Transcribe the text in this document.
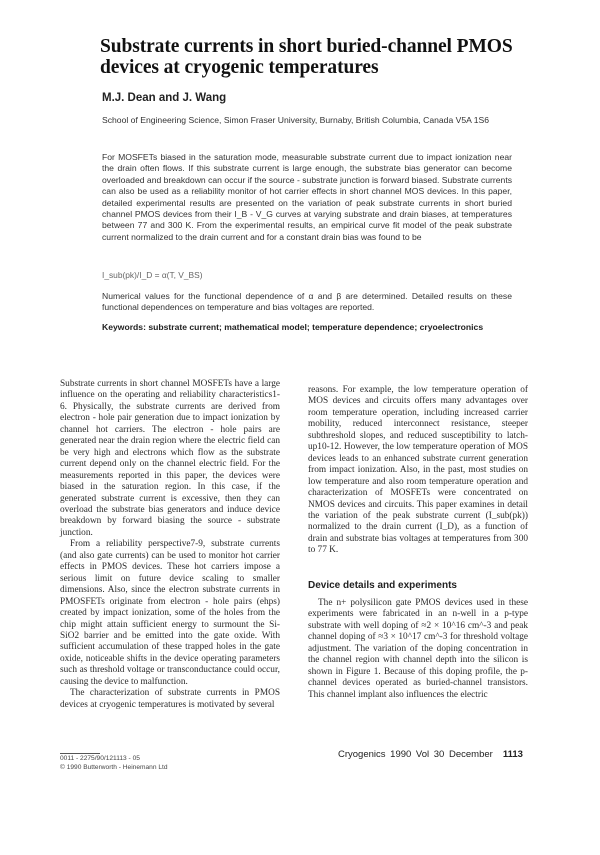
Substrate currents in short buried-channel PMOS devices at cryogenic temperatures

M.J. Dean and J. Wang

School of Engineering Science, Simon Fraser University, Burnaby, British Columbia, Canada V5A 1S6

For MOSFETs biased in the saturation mode, measurable substrate current due to impact ionization near the drain often flows. If this substrate current is large enough, the substrate bias generator can become overloaded and breakdown can occur if the source - substrate junction is forward biased. Substrate currents can also be used as a reliability monitor of hot carrier effects in short channel MOS devices. In this paper, detailed experimental results are presented on the variation of peak substrate currents in short buried channel PMOS devices from their I_B - V_G curves at varying substrate and drain biases, at temperatures between 77 and 300 K. From the experimental results, an empirical curve fit model of the peak substrate current normalized to the drain current and for a constant drain bias was found to be

I_sub(pk)/I_D = α(T, V_BS)

Numerical values for the functional dependence of α and β are determined. Detailed results on these functional dependences on temperature and bias voltages are reported.

Keywords: substrate current; mathematical model; temperature dependence; cryoelectronics

Substrate currents in short channel MOSFETs have a large influence on the operating and reliability characteristics1-6. Physically, the substrate currents are derived from electron - hole pair generation due to impact ionization by channel hot carriers. The electron - hole pairs are generated near the drain region where the electric field can be very high and electrons which flow as the substrate current depend only on the channel electric field. For the measurements reported in this paper, the devices were biased in the saturation region. In this case, if the generated substrate current is excessive, then they can overload the substrate bias generators and induce device breakdown by forward biasing the source - substrate junction.

From a reliability perspective7-9, substrate currents (and also gate currents) can be used to monitor hot carrier effects in PMOS devices. These hot carriers impose a serious limit on future device scaling to smaller dimensions. Also, since the electron substrate currents in PMOSFETs originate from electron - hole pairs (ehps) created by impact ionization, some of the holes from the chip might attain sufficient energy to surmount the Si-SiO2 barrier and be emitted into the gate oxide. With sufficient accumulation of these trapped holes in the gate oxide, noticeable shifts in the device operating parameters such as threshold voltage or transconductance could occur, causing the device to malfunction.

The characterization of substrate currents in PMOS devices at cryogenic temperatures is motivated by several

reasons. For example, the low temperature operation of MOS devices and circuits offers many advantages over room temperature operation, including increased carrier mobility, reduced interconnect resistance, steeper subthreshold slopes, and reduced susceptibility to latch-up10-12. However, the low temperature operation of MOS devices leads to an enhanced substrate current generation from impact ionization. Also, in the past, most studies on low temperature and also room temperature operation and characterization of MOSFETs were concentrated on NMOS devices and circuits. This paper examines in detail the variation of the peak substrate current (I_sub(pk)) normalized to the drain current (I_D), as a function of drain and substrate bias voltages at temperatures from 300 to 77 K.

Device details and experiments

The n+ polysilicon gate PMOS devices used in these experiments were fabricated in an n-well in a p-type substrate with well doping of ≈2 × 10^16 cm^-3 and peak channel doping of ≈3 × 10^17 cm^-3 for threshold voltage adjustment. The variation of the doping concentration in the channel region with channel depth into the silicon is shown in Figure 1. Because of this doping profile, the p-channel devices operated as buried-channel transistors. This channel implant also influences the electric

0011 - 2275/90/121113 - 05
© 1990 Butterworth - Heinemann Ltd

Cryogenics 1990 Vol 30 December 1113
